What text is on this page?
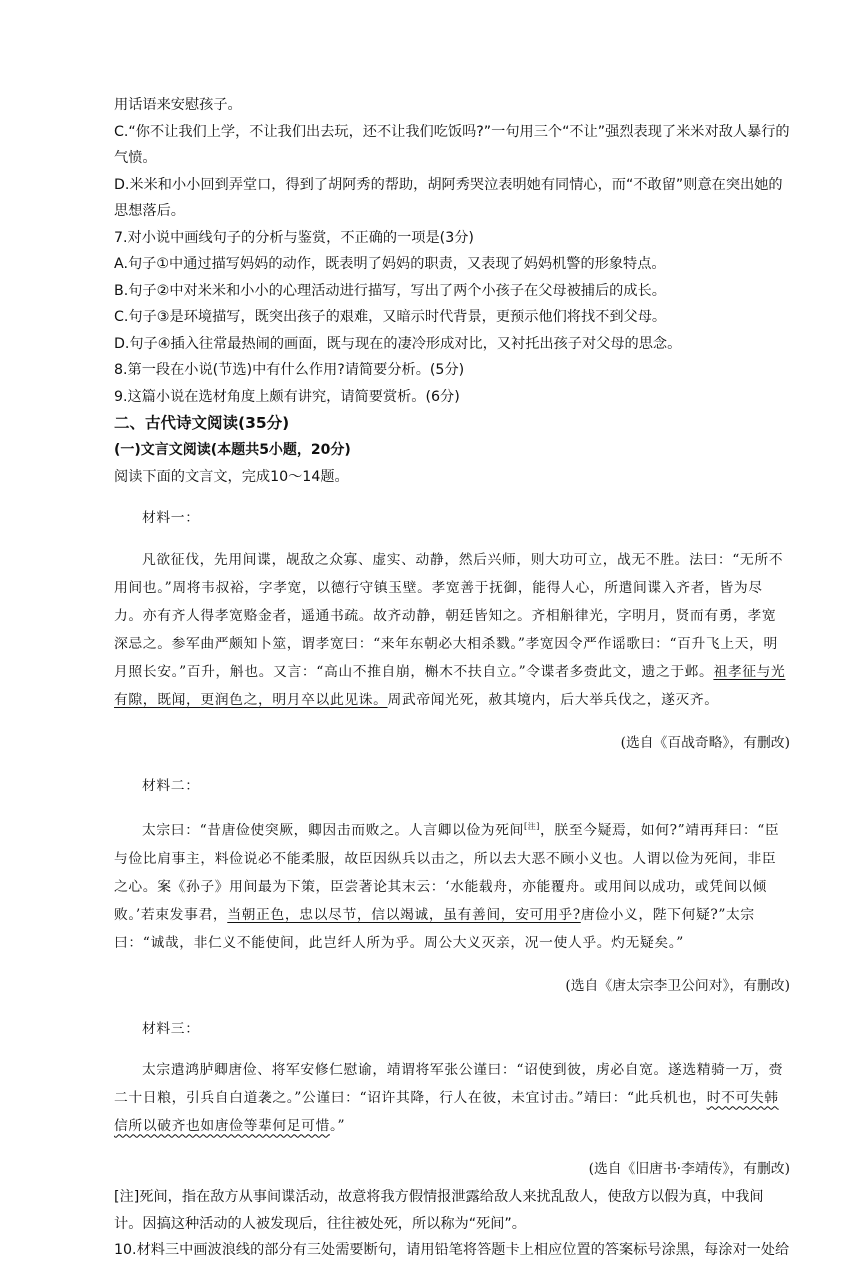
用话语来安慰孩子。

C.“你不让我们上学，不让我们出去玩，还不让我们吃饭吗?”一句用三个“不让”强烈表现了米米对敌人暴行的气愤。

D.米米和小小回到弄堂口，得到了胡阿秀的帮助，胡阿秀哭泣表明她有同情心，而“不敢留”则意在突出她的思想落后。

7.对小说中画线句子的分析与鉴赏，不正确的一项是(3分)

A.句子①中通过描写妈妈的动作，既表明了妈妈的职责，又表现了妈妈机警的形象特点。

B.句子②中对米米和小小的心理活动进行描写，写出了两个小孩子在父母被捕后的成长。

C.句子③是环境描写，既突出孩子的艰难，又暗示时代背景，更预示他们将找不到父母。

D.句子④插入往常最热闹的画面，既与现在的凄冷形成对比，又衬托出孩子对父母的思念。

8.第一段在小说(节选)中有什么作用?请简要分析。(5分)

9.这篇小说在选材角度上颇有讲究，请简要赏析。(6分)

二、古代诗文阅读(35分)

(一)文言文阅读(本题共5小题，20分)

阅读下面的文言文，完成10～14题。

材料一：

凡欲征伐，先用间谍，觇敌之众寡、虚实、动静，然后兴师，则大功可立，战无不胜。法曰：“无所不用间也。”周将韦叔裕，字孝宽，以德行守镇玉壁。孝宽善于抚御，能得人心，所遣间谍入齐者，皆为尽力。亦有齐人得孝宽赂金者，遥通书疏。故齐动静，朝廷皆知之。齐相斛律光，字明月，贤而有勇，孝宽深忌之。参军曲严颇知卜筮，谓孝宽曰：“来年东朝必大相杀戮。”孝宽因令严作谣歌曰：“百升飞上天，明月照长安。”百升，斛也。又言：“高山不推自崩，槲木不扶自立。”令谍者多赍此文，遗之于邺。祖孝征与光有隙，既闻，更润色之，明月卒以此见诛。周武帝闻光死，赦其境内，后大举兵伐之，遂灭齐。

(选自《百战奇略》，有删改)

材料二：

太宗曰：“昔唐俭使突厥，卿因击而败之。人言卿以俭为死间[注]，朕至今疑焉，如何?”靖再拜曰：“臣与俭比肩事主，料俭说必不能柔服，故臣因纵兵以击之，所以去大恶不顾小义也。人谓以俭为死间，非臣之心。案《孙子》用间最为下策，臣尝著论其末云：‘水能载舟，亦能覆舟。或用间以成功，或凭间以倾败。’若束发事君，当朝正色，忠以尽节，信以竭诚，虽有善间，安可用乎?唐俭小义，陛下何疑?”太宗曰：“诚哉，非仁义不能使间，此岂纤人所为乎。周公大义灭亲，况一使人乎。灼无疑矣。”

(选自《唐太宗李卫公问对》，有删改)

材料三：

太宗遣鸿胪卿唐俭、将军安修仁慰谕，靖谓将军张公谨曰：“诏使到彼，虏必自宽。遂选精骑一万，赍二十日粮，引兵自白道袭之。”公谨曰：“诏许其降，行人在彼，未宜讨击。”靖曰：“此兵机也，时不可失韩信所以破齐也如唐俭等辈何足可惜。”

(选自《旧唐书·李靖传》，有删改)

[注]死间，指在敌方从事间谍活动，故意将我方假情报泄露给敌人来扰乱敌人，使敌方以假为真，中我间计。因搞这种活动的人被发现后，往往被处死，所以称为“死间”。

10.材料三中画波浪线的部分有三处需要断句，请用铅笔将答题卡上相应位置的答案标号涂黑，每涂对一处给
